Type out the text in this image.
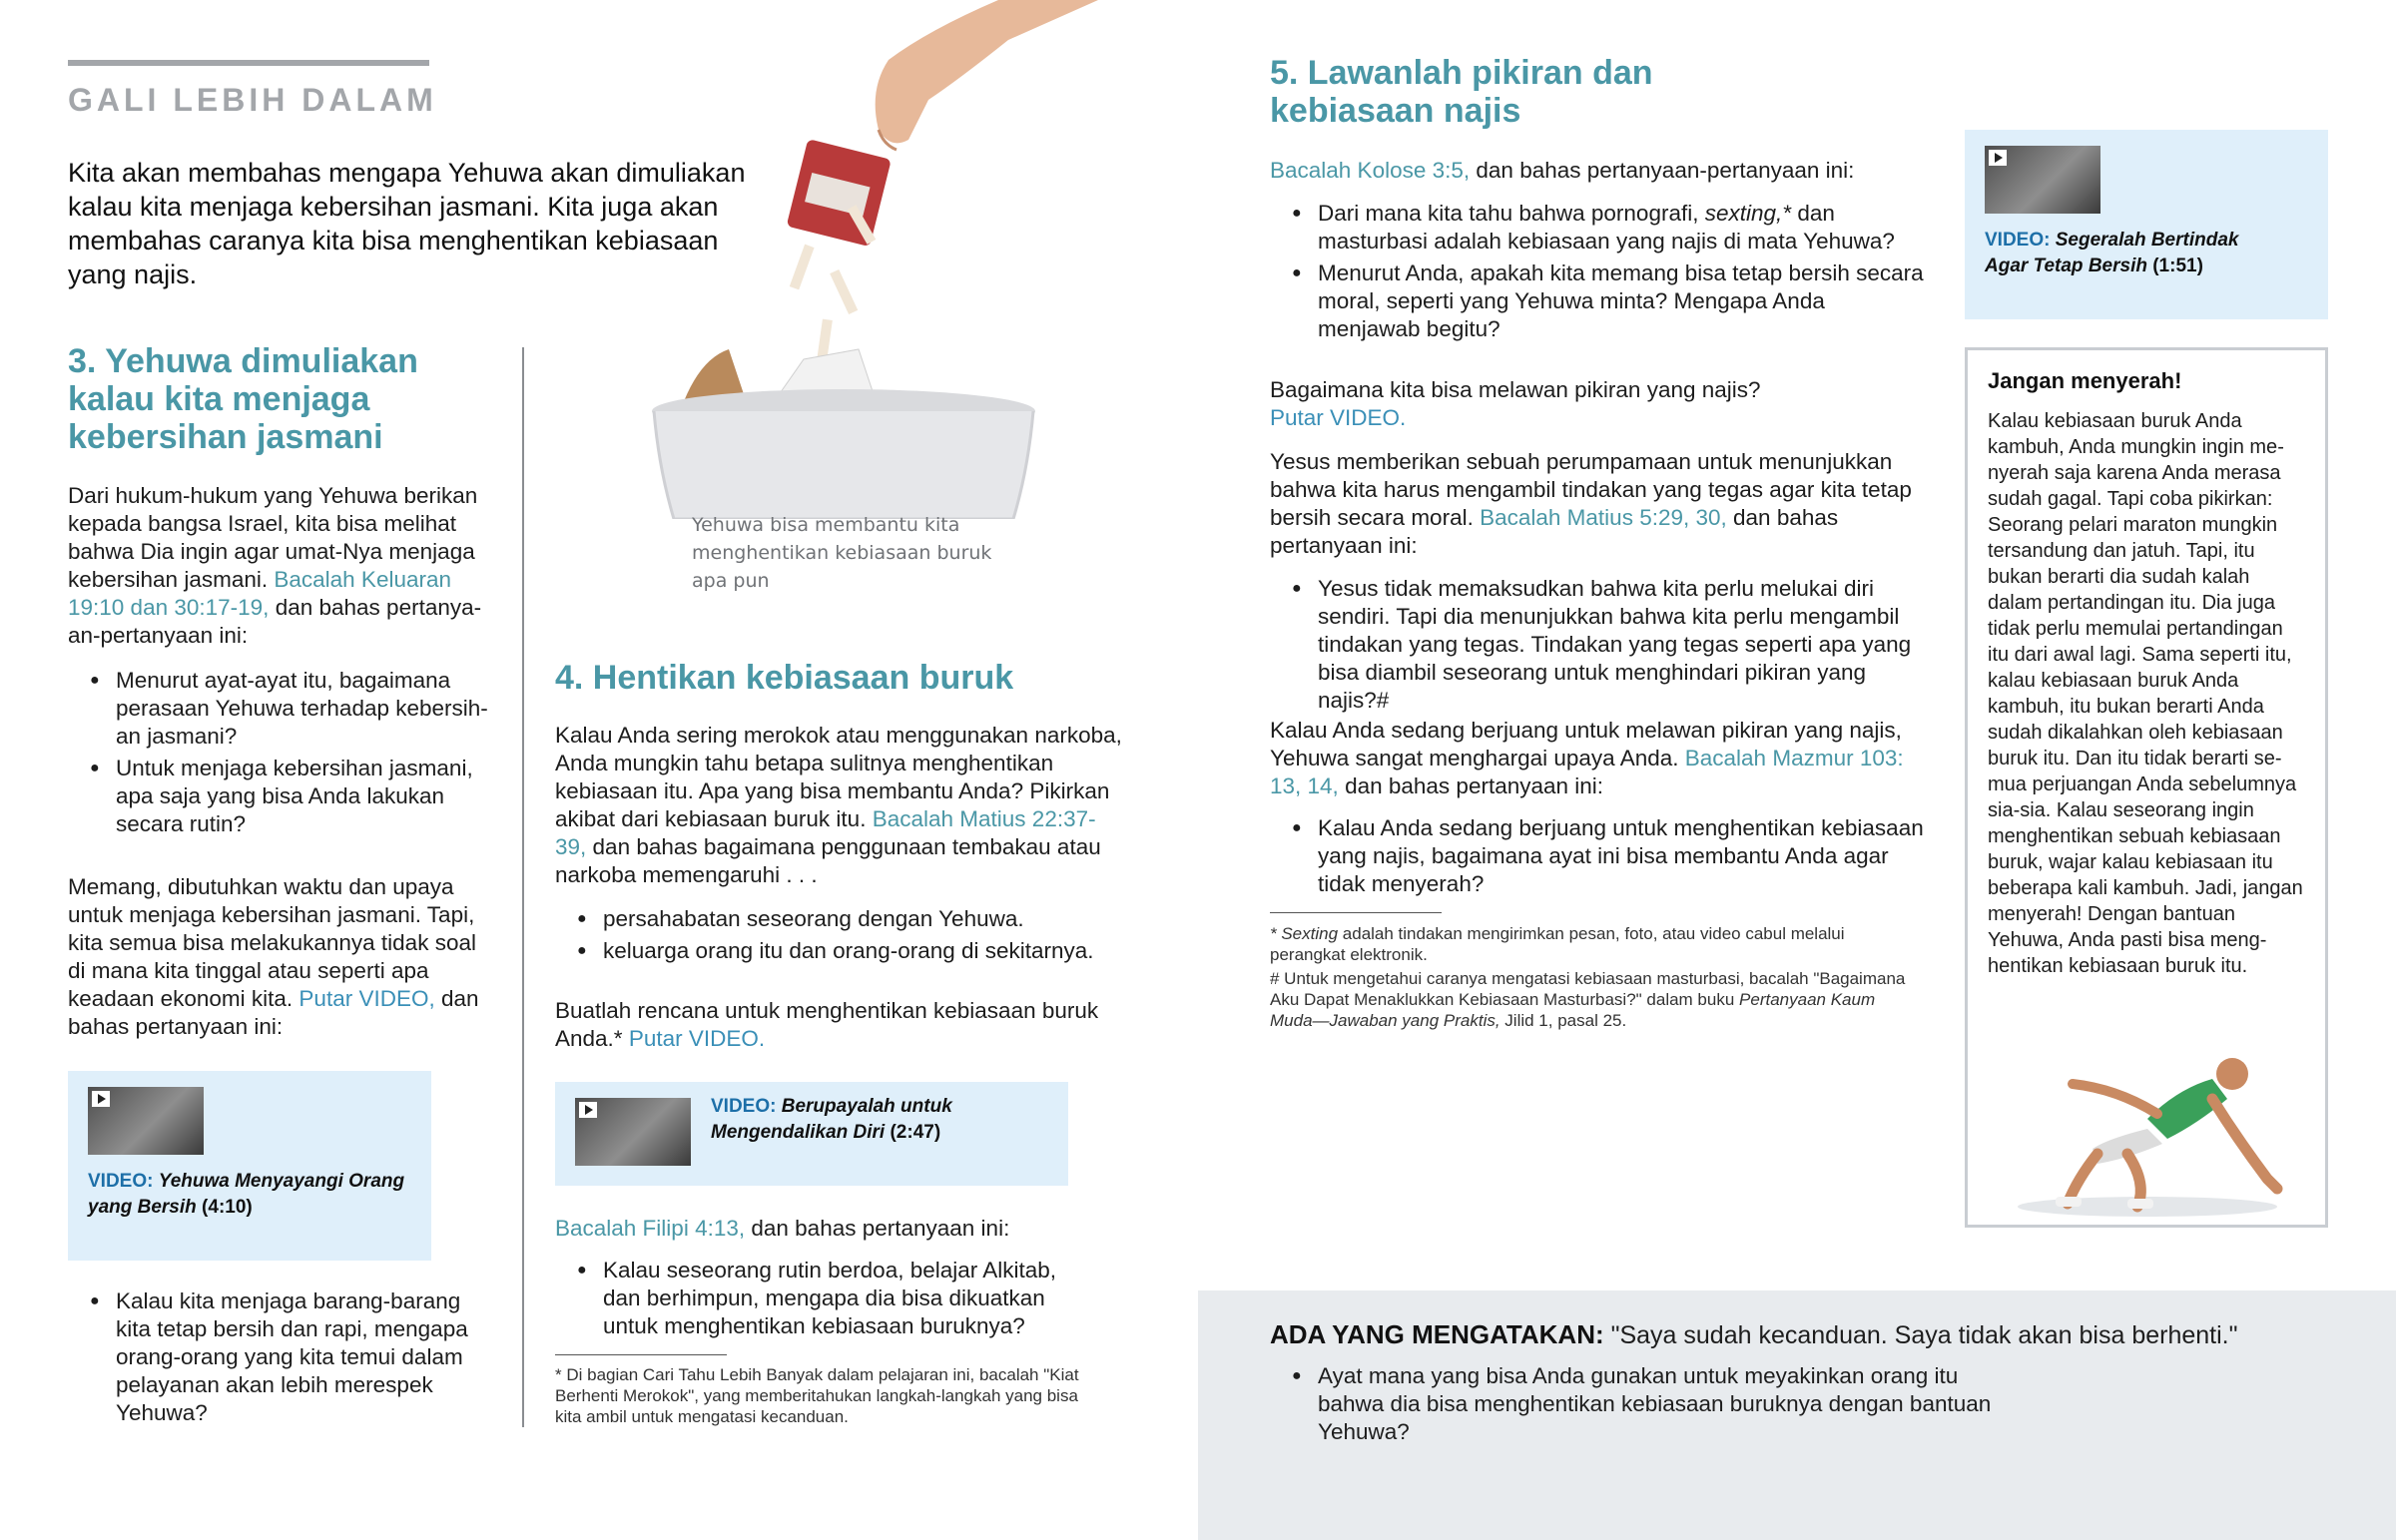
GALI LEBIH DALAM

Kita akan membahas mengapa Yehuwa akan dimuliakan kalau kita menjaga kebersihan jasmani. Kita juga akan membahas caranya kita bisa menghentikan kebiasaan yang najis.

Yehuwa bisa membantu kita menghentikan kebiasaan buruk apa pun
3. Yehuwa dimuliakan kalau kita menjaga kebersihan jasmani

Dari hukum-hukum yang Yehuwa berikan kepada bangsa Israel, kita bisa melihat bahwa Dia ingin agar umat-Nya menjaga kebersihan jasmani. Bacalah Keluaran 19:10 dan 30:17-19, dan bahas pertanyaan-pertanyaan ini:

● Menurut ayat-ayat itu, bagaimana perasaan Yehuwa terhadap kebersihan jasmani?
● Untuk menjaga kebersihan jasmani, apa saja yang bisa Anda lakukan secara rutin?

Memang, dibutuhkan waktu dan upaya untuk menjaga kebersihan jasmani. Tapi, kita semua bisa melakukannya tidak soal di mana kita tinggal atau seperti apa keadaan ekonomi kita. Putar VIDEO, dan bahas pertanyaan ini:

VIDEO: Yehuwa Menyayangi Orang yang Bersih (4:10)
● Kalau kita menjaga barang-barang kita tetap bersih dan rapi, mengapa orang-orang yang kita temui dalam pelayanan akan lebih merespek Yehuwa?
4. Hentikan kebiasaan buruk

Kalau Anda sering merokok atau menggunakan narkoba, Anda mungkin tahu betapa sulitnya menghentikan kebiasaan itu. Apa yang bisa membantu Anda? Pikirkan akibat dari kebiasaan buruk itu. Bacalah Matius 22:37-39, dan bahas bagaimana penggunaan tembakau atau narkoba memengaruhi . . .

● persahabatan seseorang dengan Yehuwa.
● keluarga orang itu dan orang-orang di sekitarnya.

Buatlah rencana untuk menghentikan kebiasaan buruk Anda.* Putar VIDEO.

VIDEO: Berupayalah untuk Mengendalikan Diri (2:47)

Bacalah Filipi 4:13, dan bahas pertanyaan ini:

● Kalau seseorang rutin berdoa, belajar Alkitab, dan berhimpun, mengapa dia bisa dikuatkan untuk menghentikan kebiasaan buruknya?
* Di bagian Cari Tahu Lebih Banyak dalam pelajaran ini, bacalah "Kiat Berhenti Merokok", yang memberitahukan langkah-langkah yang bisa kita ambil untuk mengatasi kecanduan.
5. Lawanlah pikiran dan kebiasaan najis

Bacalah Kolose 3:5, dan bahas pertanyaan-pertanyaan ini:

● Dari mana kita tahu bahwa pornografi, sexting,* dan masturbasi adalah kebiasaan yang najis di mata Yehuwa?
● Menurut Anda, apakah kita memang bisa tetap bersih secara moral, seperti yang Yehuwa minta? Mengapa Anda menjawab begitu?

Bagaimana kita bisa melawan pikiran yang najis?
Putar VIDEO.

Yesus memberikan sebuah perumpamaan untuk menunjukkan bahwa kita harus mengambil tindakan yang tegas agar kita tetap bersih secara moral. Bacalah Matius 5:29, 30, dan bahas pertanyaan ini:

● Yesus tidak memaksudkan bahwa kita perlu melukai diri sendiri. Tapi dia menunjukkan bahwa kita perlu mengambil tindakan yang tegas. Tindakan yang tegas seperti apa yang bisa diambil seseorang untuk menghindari pikiran yang najis?#

Kalau Anda sedang berjuang untuk melawan pikiran yang najis, Yehuwa sangat menghargai upaya Anda. Bacalah Mazmur 103: 13, 14, dan bahas pertanyaan ini:

● Kalau Anda sedang berjuang untuk menghentikan kebiasaan yang najis, bagaimana ayat ini bisa membantu Anda agar tidak menyerah?
* Sexting adalah tindakan mengirimkan pesan, foto, atau video cabul melalui perangkat elektronik.
# Untuk mengetahui caranya mengatasi kebiasaan masturbasi, bacalah "Bagaimana Aku Dapat Menaklukkan Kebiasaan Masturbasi?" dalam buku Pertanyaan Kaum Muda—Jawaban yang Praktis, Jilid 1, pasal 25.
VIDEO: Segeralah Bertindak Agar Tetap Bersih (1:51)
Jangan menyerah!
Kalau kebiasaan buruk Anda kambuh, Anda mungkin ingin menyerah saja karena Anda merasa sudah gagal. Tapi coba pikirkan: Seorang pelari maraton mungkin tersandung dan jatuh. Tapi, itu bukan berarti dia sudah kalah dalam pertandingan itu. Dia juga tidak perlu memulai pertandingan itu dari awal lagi. Sama seperti itu, kalau kebiasaan buruk Anda kambuh, itu bukan berarti Anda sudah dikalahkan oleh kebiasaan buruk itu. Dan itu tidak berarti semua perjuangan Anda sebelumnya sia-sia. Kalau seseorang ingin menghentikan sebuah kebiasaan buruk, wajar kalau kebiasaan itu beberapa kali kambuh. Jadi, jangan menyerah! Dengan bantuan Yehuwa, Anda pasti bisa menghentikan kebiasaan buruk itu.
ADA YANG MENGATAKAN: "Saya sudah kecanduan. Saya tidak akan bisa berhenti."
● Ayat mana yang bisa Anda gunakan untuk meyakinkan orang itu bahwa dia bisa menghentikan kebiasaan buruknya dengan bantuan Yehuwa?
